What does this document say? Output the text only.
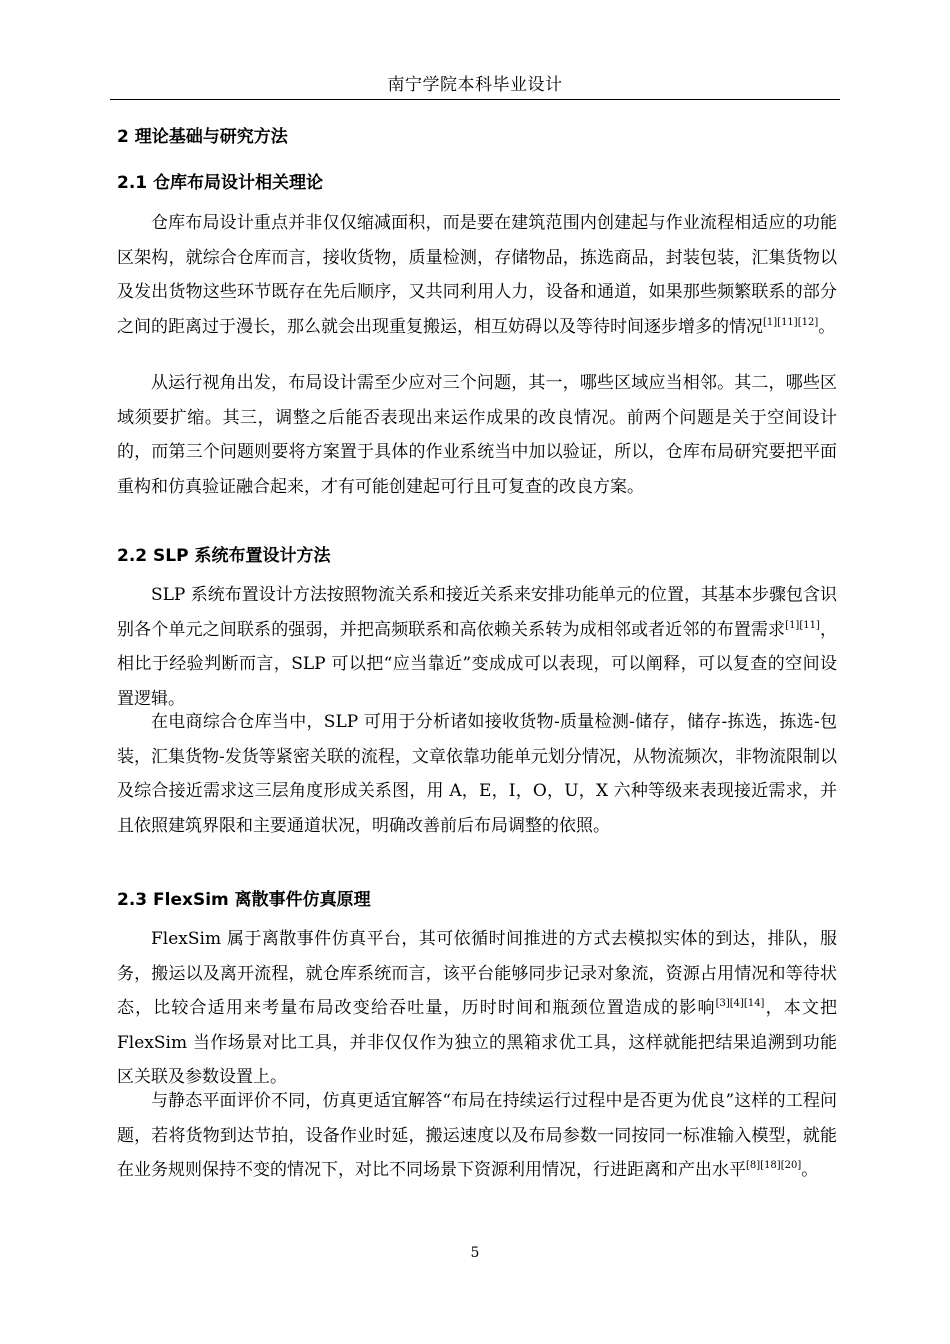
南宁学院本科毕业设计
2 理论基础与研究方法
2.1 仓库布局设计相关理论

仓库布局设计重点并非仅仅缩减面积，而是要在建筑范围内创建起与作业流程相适应的功能区架构，就综合仓库而言，接收货物，质量检测，存储物品，拣选商品，封装包装，汇集货物以及发出货物这些环节既存在先后顺序，又共同利用人力，设备和通道，如果那些频繁联系的部分之间的距离过于漫长，那么就会出现重复搬运，相互妨碍以及等待时间逐步增多的情况[1][11][12]。

从运行视角出发，布局设计需至少应对三个问题，其一，哪些区域应当相邻。其二，哪些区域须要扩缩。其三，调整之后能否表现出来运作成果的改良情况。前两个问题是关于空间设计的，而第三个问题则要将方案置于具体的作业系统当中加以验证，所以，仓库布局研究要把平面重构和仿真验证融合起来，才有可能创建起可行且可复查的改良方案。

2.2 SLP 系统布置设计方法

SLP 系统布置设计方法按照物流关系和接近关系来安排功能单元的位置，其基本步骤包含识别各个单元之间联系的强弱，并把高频联系和高依赖关系转为成相邻或者近邻的布置需求[1][11]，相比于经验判断而言，SLP 可以把“应当靠近”变成成可以表现，可以阐释，可以复查的空间设置逻辑。

在电商综合仓库当中，SLP 可用于分析诸如接收货物-质量检测-储存，储存-拣选，拣选-包装，汇集货物-发货等紧密关联的流程，文章依靠功能单元划分情况，从物流频次，非物流限制以及综合接近需求这三层角度形成关系图，用 A，E，I，O，U，X 六种等级来表现接近需求，并且依照建筑界限和主要通道状况，明确改善前后布局调整的依照。

2.3 FlexSim 离散事件仿真原理

FlexSim 属于离散事件仿真平台，其可依循时间推进的方式去模拟实体的到达，排队，服务，搬运以及离开流程，就仓库系统而言，该平台能够同步记录对象流，资源占用情况和等待状态，比较合适用来考量布局改变给吞吐量，历时时间和瓶颈位置造成的影响[3][4][14]，本文把 FlexSim 当作场景对比工具，并非仅仅作为独立的黑箱求优工具，这样就能把结果追溯到功能区关联及参数设置上。

与静态平面评价不同，仿真更适宜解答“布局在持续运行过程中是否更为优良”这样的工程问题，若将货物到达节拍，设备作业时延，搬运速度以及布局参数一同按同一标准输入模型，就能在业务规则保持不变的情况下，对比不同场景下资源利用情况，行进距离和产出水平[8][18][20]。

5
